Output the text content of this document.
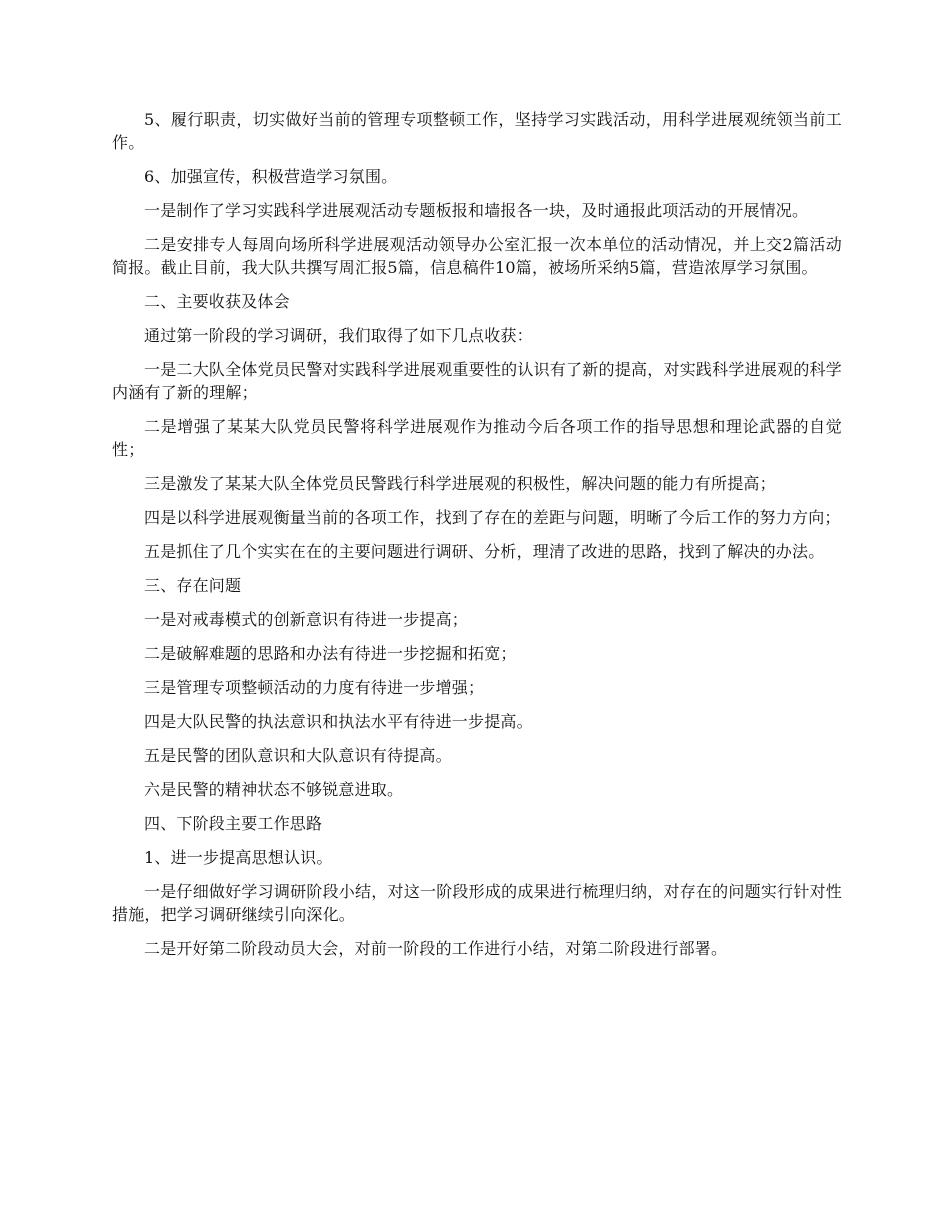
5、履行职责，切实做好当前的管理专项整顿工作，坚持学习实践活动，用科学进展观统领当前工作。

6、加强宣传，积极营造学习氛围。

一是制作了学习实践科学进展观活动专题板报和墙报各一块，及时通报此项活动的开展情况。

二是安排专人每周向场所科学进展观活动领导办公室汇报一次本单位的活动情况，并上交2篇活动简报。截止目前，我大队共撰写周汇报5篇，信息稿件10篇，被场所采纳5篇，营造浓厚学习氛围。

二、主要收获及体会

通过第一阶段的学习调研，我们取得了如下几点收获：

一是二大队全体党员民警对实践科学进展观重要性的认识有了新的提高，对实践科学进展观的科学内涵有了新的理解；

二是增强了某某大队党员民警将科学进展观作为推动今后各项工作的指导思想和理论武器的自觉性；

三是激发了某某大队全体党员民警践行科学进展观的积极性，解决问题的能力有所提高；

四是以科学进展观衡量当前的各项工作，找到了存在的差距与问题，明晰了今后工作的努力方向；

五是抓住了几个实实在在的主要问题进行调研、分析，理清了改进的思路，找到了解决的办法。

三、存在问题

一是对戒毒模式的创新意识有待进一步提高；

二是破解难题的思路和办法有待进一步挖掘和拓宽；

三是管理专项整顿活动的力度有待进一步增强；

四是大队民警的执法意识和执法水平有待进一步提高。

五是民警的团队意识和大队意识有待提高。

六是民警的精神状态不够锐意进取。

四、下阶段主要工作思路

1、进一步提高思想认识。

一是仔细做好学习调研阶段小结，对这一阶段形成的成果进行梳理归纳，对存在的问题实行针对性措施，把学习调研继续引向深化。

二是开好第二阶段动员大会，对前一阶段的工作进行小结，对第二阶段进行部署。
